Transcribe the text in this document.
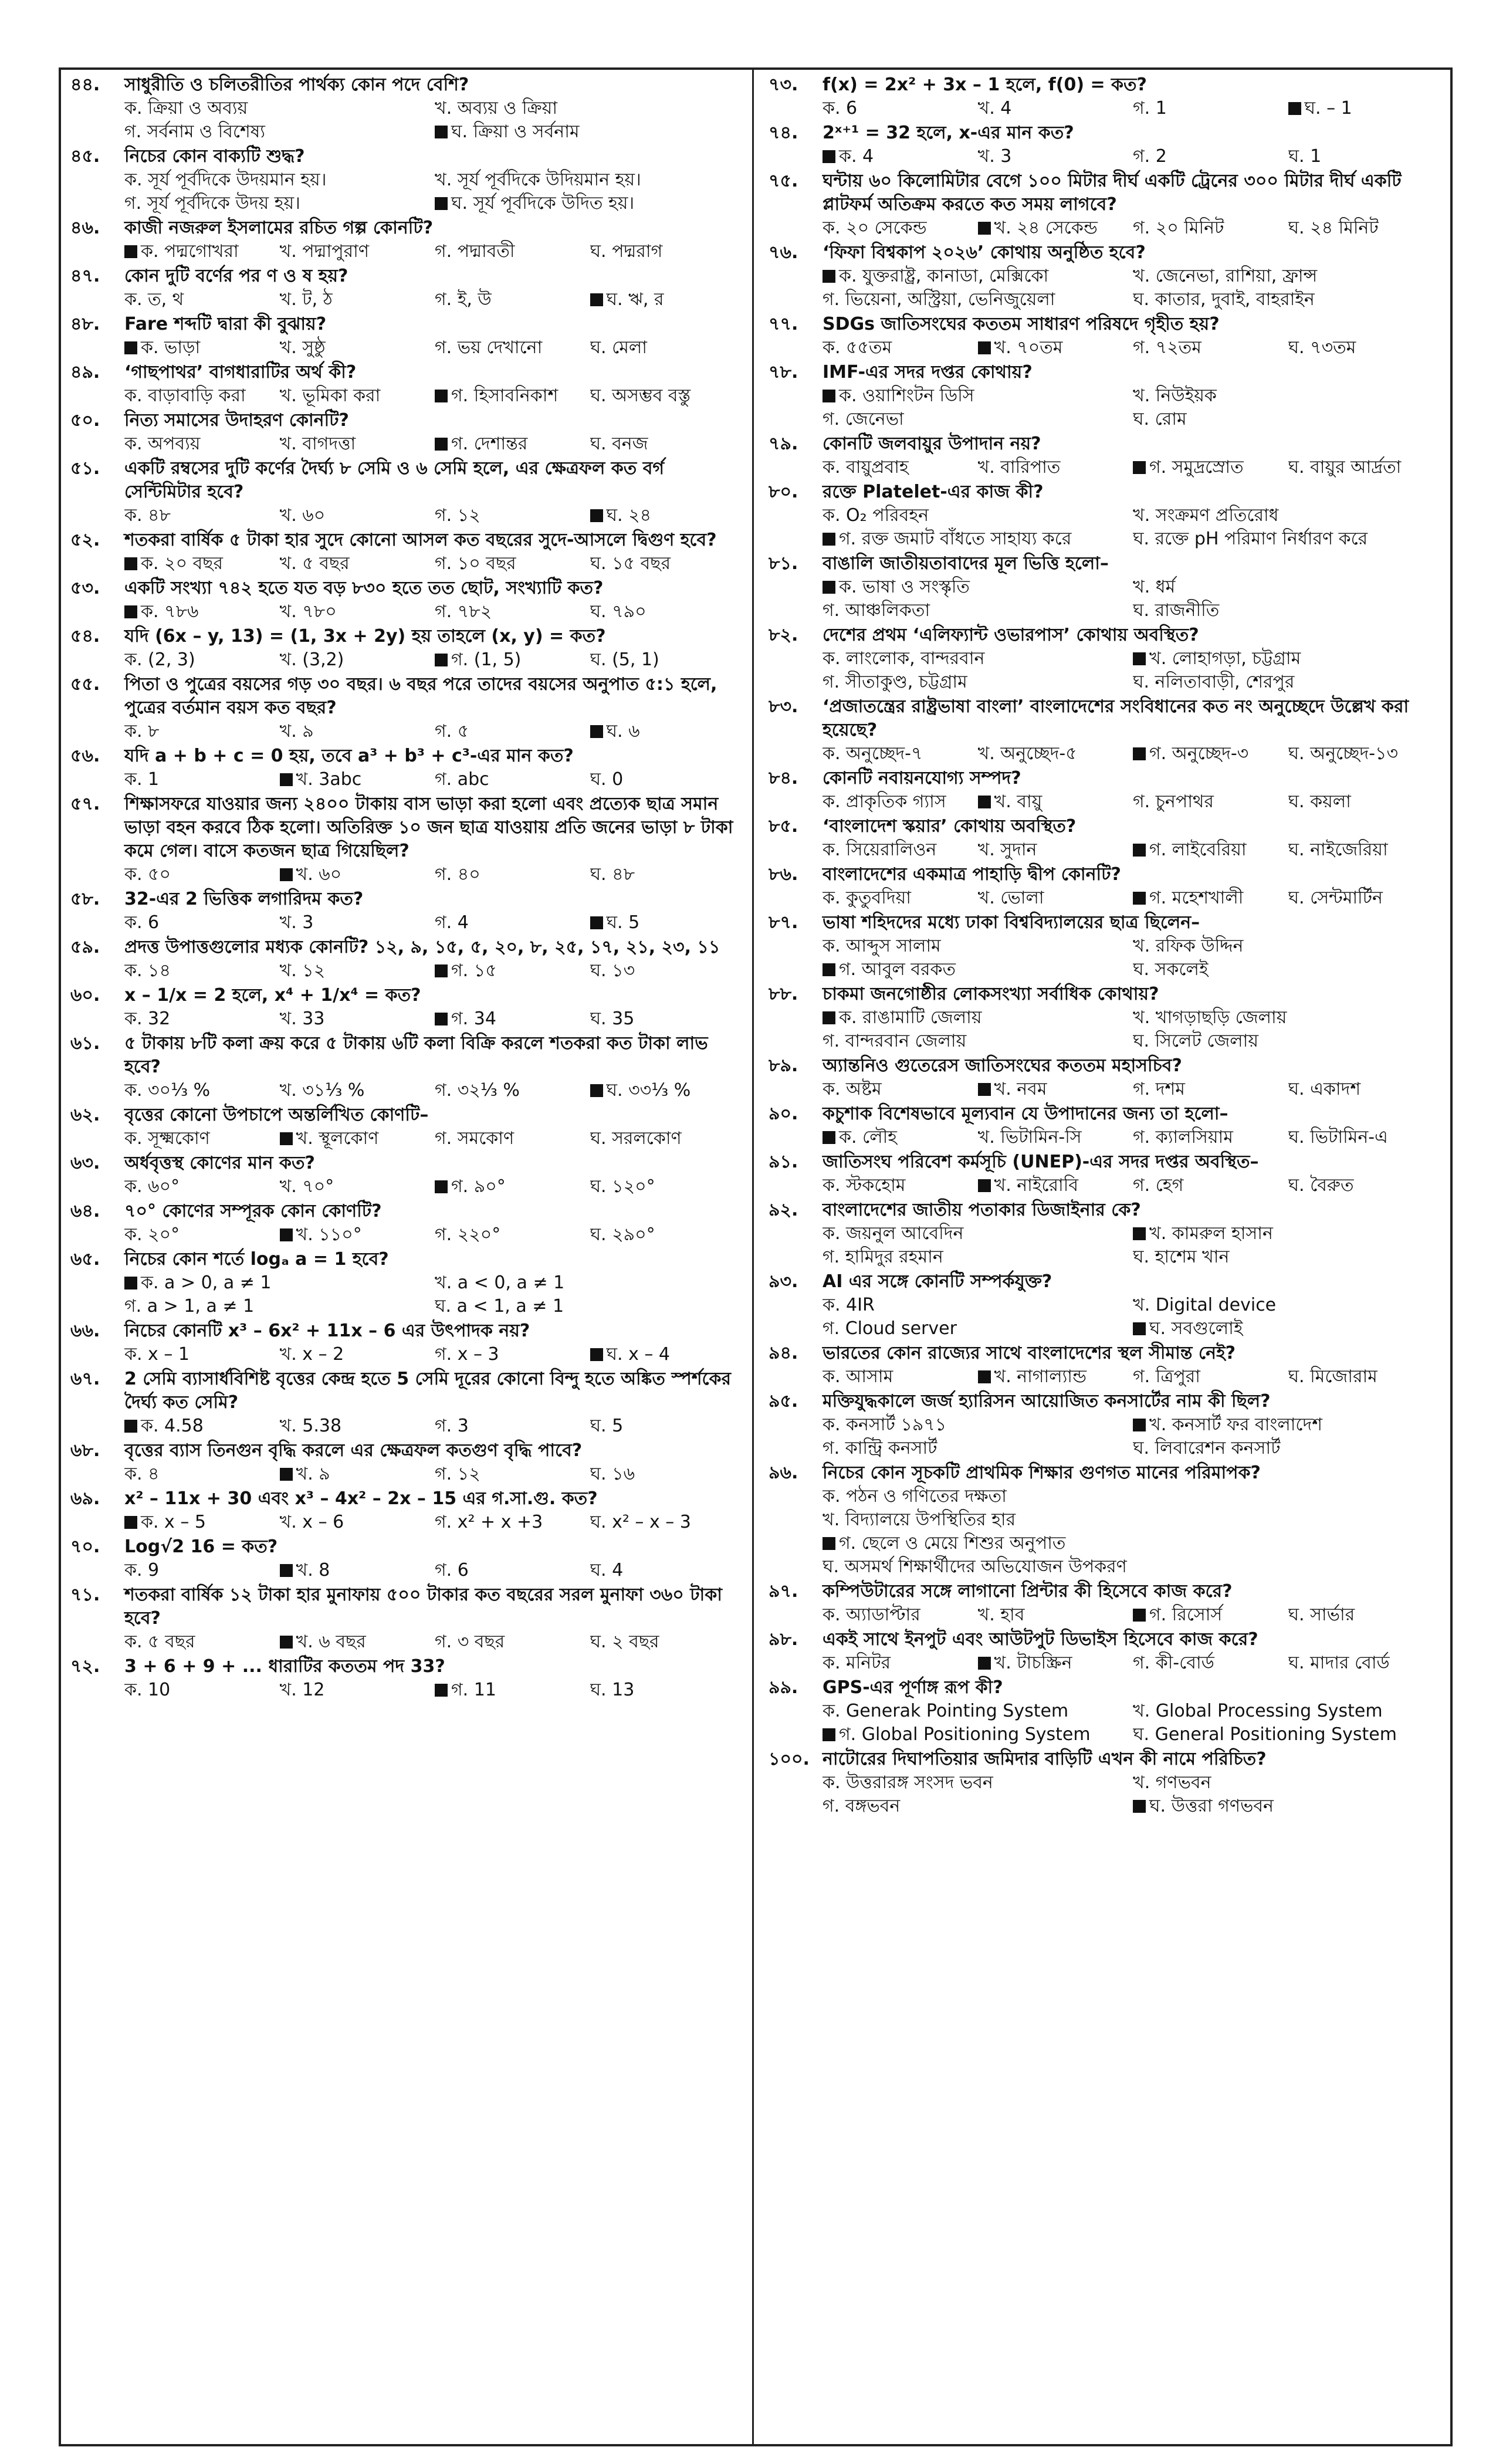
৪৪.	সাধুরীতি ও চলিতরীতির পার্থক্য কোন পদে বেশি?
ক. ক্রিয়া ও অব্যয়	খ. অব্যয় ও ক্রিয়া
গ. সর্বনাম ও বিশেষ্য	ঘ. ক্রিয়া ও সর্বনাম
৪৫.	নিচের কোন বাক্যটি শুদ্ধ?
ক. সূর্য পূর্বদিকে উদয়মান হয়।	খ. সূর্য পূর্বদিকে উদিয়মান হয়।
গ. সূর্য পূর্বদিকে উদয় হয়।	ঘ. সূর্য পূর্বদিকে উদিত হয়।
৪৬.	কাজী নজরুল ইসলামের রচিত গল্প কোনটি?
ক. পদ্মগোখরা	খ. পদ্মাপুরাণ	গ. পদ্মাবতী	ঘ. পদ্মরাগ
৪৭.	কোন দুটি বর্ণের পর ণ ও ষ হয়?
ক. ত, থ	খ. ট, ঠ	গ. ই, উ	ঘ. ঋ, র
৪৮.	Fare শব্দটি দ্বারা কী বুঝায়?
ক. ভাড়া	খ. সুষ্ঠু	গ. ভয় দেখানো	ঘ. মেলা
৪৯.	‘গাছপাথর’ বাগধারাটির অর্থ কী?
ক. বাড়াবাড়ি করা	খ. ভূমিকা করা	গ. হিসাবনিকাশ	ঘ. অসম্ভব বস্তু
৫০.	নিত্য সমাসের উদাহরণ কোনটি?
ক. অপব্যয়	খ. বাগদত্তা	গ. দেশান্তর	ঘ. বনজ
৫১.	একটি রম্বসের দুটি কর্ণের দৈর্ঘ্য ৮ সেমি ও ৬ সেমি হলে, এর ক্ষেত্রফল কত বর্গ সেন্টিমিটার হবে?
ক. ৪৮	খ. ৬০	গ. ১২	ঘ. ২৪
৫২.	শতকরা বার্ষিক ৫ টাকা হার সুদে কোনো আসল কত বছরের সুদে-আসলে দ্বিগুণ হবে?
ক. ২০ বছর	খ. ৫ বছর	গ. ১০ বছর	ঘ. ১৫ বছর
৫৩.	একটি সংখ্যা ৭৪২ হতে যত বড় ৮৩০ হতে তত ছোট, সংখ্যাটি কত?
ক. ৭৮৬	খ. ৭৮০	গ. ৭৮২	ঘ. ৭৯০
৫৪.	যদি (6x – y, 13) = (1, 3x + 2y) হয় তাহলে (x, y) = কত?
ক. (2, 3)	খ. (3,2)	গ. (1, 5)	ঘ. (5, 1)
৫৫.	পিতা ও পুত্রের বয়সের গড় ৩০ বছর। ৬ বছর পরে তাদের বয়সের অনুপাত ৫:১ হলে, পুত্রের বর্তমান বয়স কত বছর?
ক. ৮	খ. ৯	গ. ৫	ঘ. ৬
৫৬.	যদি a + b + c = 0 হয়, তবে a³ + b³ + c³-এর মান কত?
ক. 1	খ. 3abc	গ. abc	ঘ. 0
৫৭.	শিক্ষাসফরে যাওয়ার জন্য ২৪০০ টাকায় বাস ভাড়া করা হলো এবং প্রত্যেক ছাত্র সমান ভাড়া বহন করবে ঠিক হলো। অতিরিক্ত ১০ জন ছাত্র যাওয়ায় প্রতি জনের ভাড়া ৮ টাকা কমে গেল। বাসে কতজন ছাত্র গিয়েছিল?
ক. ৫০	খ. ৬০	গ. ৪০	ঘ. ৪৮
৫৮.	32-এর 2 ভিত্তিক লগারিদম কত?
ক. 6	খ. 3	গ. 4	ঘ. 5
৫৯.	প্রদত্ত উপাত্তগুলোর মধ্যক কোনটি? ১২, ৯, ১৫, ৫, ২০, ৮, ২৫, ১৭, ২১, ২৩, ১১
ক. ১৪	খ. ১২	গ. ১৫	ঘ. ১৩
৬০.	x – 1/x = 2 হলে, x⁴ + 1/x⁴ = কত?
ক. 32	খ. 33	গ. 34	ঘ. 35
৬১.	৫ টাকায় ৮টি কলা ক্রয় করে ৫ টাকায় ৬টি কলা বিক্রি করলে শতকরা কত টাকা লাভ হবে?
ক. ৩০⅓ %	খ. ৩১⅓ %	গ. ৩২⅓ %	ঘ. ৩৩⅓ %
৬২.	বৃত্তের কোনো উপচাপে অন্তর্লিখিত কোণটি–
ক. সূক্ষ্মকোণ	খ. স্থূলকোণ	গ. সমকোণ	ঘ. সরলকোণ
৬৩.	অর্ধবৃত্তস্থ কোণের মান কত?
ক. ৬০°	খ. ৭০°	গ. ৯০°	ঘ. ১২০°
৬৪.	৭০° কোণের সম্পূরক কোন কোণটি?
ক. ২০°	খ. ১১০°	গ. ২২০°	ঘ. ২৯০°
৬৫.	নিচের কোন শর্তে logₐ a = 1 হবে?
ক. a > 0, a ≠ 1	খ. a < 0, a ≠ 1
গ. a > 1, a ≠ 1	ঘ. a < 1, a ≠ 1
৬৬.	নিচের কোনটি x³ – 6x² + 11x – 6 এর উৎপাদক নয়?
ক. x – 1	খ. x – 2	গ. x – 3	ঘ. x – 4
৬৭.	2 সেমি ব্যাসার্ধবিশিষ্ট বৃত্তের কেন্দ্র হতে 5 সেমি দূরের কোনো বিন্দু হতে অঙ্কিত স্পর্শকের দৈর্ঘ্য কত সেমি?
ক. 4.58	খ. 5.38	গ. 3	ঘ. 5
৬৮.	বৃত্তের ব্যাস তিনগুন বৃদ্ধি করলে এর ক্ষেত্রফল কতগুণ বৃদ্ধি পাবে?
ক. ৪	খ. ৯	গ. ১২	ঘ. ১৬
৬৯.	x² – 11x + 30 এবং x³ – 4x² – 2x – 15 এর গ.সা.গু. কত?
ক. x – 5	খ. x – 6	গ. x² + x +3	ঘ. x² – x – 3
৭০.	Log√2 16 = কত?
ক. 9	খ. 8	গ. 6	ঘ. 4
৭১.	শতকরা বার্ষিক ১২ টাকা হার মুনাফায় ৫০০ টাকার কত বছরের সরল মুনাফা ৩৬০ টাকা হবে?
ক. ৫ বছর	খ. ৬ বছর	গ. ৩ বছর	ঘ. ২ বছর
৭২.	3 + 6 + 9 + ... ধারাটির কততম পদ 33?
ক. 10	খ. 12	গ. 11	ঘ. 13
৭৩.	f(x) = 2x² + 3x – 1 হলে, f(0) = কত?
ক. 6	খ. 4	গ. 1	ঘ. – 1
৭৪.	2ˣ⁺¹ = 32 হলে, x-এর মান কত?
ক. 4	খ. 3	গ. 2	ঘ. 1
৭৫.	ঘন্টায় ৬০ কিলোমিটার বেগে ১০০ মিটার দীর্ঘ একটি ট্রেনের ৩০০ মিটার দীর্ঘ একটি প্লাটফর্ম অতিক্রম করতে কত সময় লাগবে?
ক. ২০ সেকেন্ড	খ. ২৪ সেকেন্ড	গ. ২০ মিনিট	ঘ. ২৪ মিনিট
৭৬.	‘ফিফা বিশ্বকাপ ২০২৬’ কোথায় অনুষ্ঠিত হবে?
ক. যুক্তরাষ্ট্র, কানাডা, মেক্সিকো	খ. জেনেভা, রাশিয়া, ফ্রান্স
গ. ভিয়েনা, অস্ট্রিয়া, ভেনিজুয়েলা	ঘ. কাতার, দুবাই, বাহরাইন
৭৭.	SDGs জাতিসংঘের কততম সাধারণ পরিষদে গৃহীত হয়?
ক. ৫৫তম	খ. ৭০তম	গ. ৭২তম	ঘ. ৭৩তম
৭৮.	IMF-এর সদর দপ্তর কোথায়?
ক. ওয়াশিংটন ডিসি	খ. নিউইয়ক
গ. জেনেভা	ঘ. রোম
৭৯.	কোনটি জলবায়ুর উপাদান নয়?
ক. বায়ুপ্রবাহ	খ. বারিপাত	গ. সমুদ্রস্রোত	ঘ. বায়ুর আর্দ্রতা
৮০.	রক্তে Platelet-এর কাজ কী?
ক. O₂ পরিবহন	খ. সংক্রমণ প্রতিরোধ
গ. রক্ত জমাট বাঁধতে সাহায্য করে	ঘ. রক্তে pH পরিমাণ নির্ধারণ করে
৮১.	বাঙালি জাতীয়তাবাদের মূল ভিত্তি হলো–
ক. ভাষা ও সংস্কৃতি	খ. ধর্ম
গ. আঞ্চলিকতা	ঘ. রাজনীতি
৮২.	দেশের প্রথম ‘এলিফ্যান্ট ওভারপাস’ কোথায় অবস্থিত?
ক. লাংলোক, বান্দরবান	খ. লোহাগড়া, চট্টগ্রাম
গ. সীতাকুণ্ড, চট্টগ্রাম	ঘ. নলিতাবাড়ী, শেরপুর
৮৩.	‘প্রজাতন্ত্রের রাষ্ট্রভাষা বাংলা’ বাংলাদেশের সংবিধানের কত নং অনুচ্ছেদে উল্লেখ করা হয়েছে?
ক. অনুচ্ছেদ-৭	খ. অনুচ্ছেদ-৫	গ. অনুচ্ছেদ-৩	ঘ. অনুচ্ছেদ-১৩
৮৪.	কোনটি নবায়নযোগ্য সম্পদ?
ক. প্রাকৃতিক গ্যাস	খ. বায়ু	গ. চুনপাথর	ঘ. কয়লা
৮৫.	‘বাংলাদেশ স্কয়ার’ কোথায় অবস্থিত?
ক. সিয়েরালিওন	খ. সুদান	গ. লাইবেরিয়া	ঘ. নাইজেরিয়া
৮৬.	বাংলাদেশের একমাত্র পাহাড়ি দ্বীপ কোনটি?
ক. কুতুবদিয়া	খ. ভোলা	গ. মহেশখালী	ঘ. সেন্টমার্টিন
৮৭.	ভাষা শহিদদের মধ্যে ঢাকা বিশ্ববিদ্যালয়ের ছাত্র ছিলেন–
ক. আব্দুস সালাম	খ. রফিক উদ্দিন
গ. আবুল বরকত	ঘ. সকলেই
৮৮.	চাকমা জনগোষ্ঠীর লোকসংখ্যা সর্বাধিক কোথায়?
ক. রাঙামাটি জেলায়	খ. খাগড়াছড়ি জেলায়
গ. বান্দরবান জেলায়	ঘ. সিলেট জেলায়
৮৯.	অ্যান্তনিও গুতেরেস জাতিসংঘের কততম মহাসচিব?
ক. অষ্টম	খ. নবম	গ. দশম	ঘ. একাদশ
৯০.	কচুশাক বিশেষভাবে মূল্যবান যে উপাদানের জন্য তা হলো–
ক. লৌহ	খ. ভিটামিন-সি	গ. ক্যালসিয়াম	ঘ. ভিটামিন-এ
৯১.	জাতিসংঘ পরিবেশ কর্মসূচি (UNEP)-এর সদর দপ্তর অবস্থিত–
ক. স্টকহোম	খ. নাইরোবি	গ. হেগ	ঘ. বৈরুত
৯২.	বাংলাদেশের জাতীয় পতাকার ডিজাইনার কে?
ক. জয়নুল আবেদিন	খ. কামরুল হাসান
গ. হামিদুর রহমান	ঘ. হাশেম খান
৯৩.	AI এর সঙ্গে কোনটি সম্পর্কযুক্ত?
ক. 4IR	খ. Digital device
গ. Cloud server	ঘ. সবগুলোই
৯৪.	ভারতের কোন রাজ্যের সাথে বাংলাদেশের স্থল সীমান্ত নেই?
ক. আসাম	খ. নাগাল্যান্ড	গ. ত্রিপুরা	ঘ. মিজোরাম
৯৫.	মক্তিযুদ্ধকালে জর্জ হ্যারিসন আয়োজিত কনসার্টের নাম কী ছিল?
ক. কনসার্ট ১৯৭১	খ. কনসার্ট ফর বাংলাদেশ
গ. কান্ট্রি কনসার্ট	ঘ. লিবারেশন কনসার্ট
৯৬.	নিচের কোন সূচকটি প্রাথমিক শিক্ষার গুণগত মানের পরিমাপক?
ক. পঠন ও গণিতের দক্ষতা
খ. বিদ্যালয়ে উপস্থিতির হার
গ. ছেলে ও মেয়ে শিশুর অনুপাত
ঘ. অসমর্থ শিক্ষার্থীদের অভিযোজন উপকরণ
৯৭.	কম্পিউটারের সঙ্গে লাগানো প্রিন্টার কী হিসেবে কাজ করে?
ক. অ্যাডাপ্টার	খ. হাব	গ. রিসোর্স	ঘ. সার্ভার
৯৮.	একই সাথে ইনপুট এবং আউটপুট ডিভাইস হিসেবে কাজ করে?
ক. মনিটর	খ. টাচস্ক্রিন	গ. কী-বোর্ড	ঘ. মাদার বোর্ড
৯৯.	GPS-এর পূর্ণাঙ্গ রূপ কী?
ক. Generak Pointing System	খ. Global Processing System
গ. Global Positioning System	ঘ. General Positioning System
১০০. নাটোরের দিঘাপতিয়ার জমিদার বাড়িটি এখন কী নামে পরিচিত?
ক. উত্তরারঙ্গ সংসদ ভবন	খ. গণভবন
গ. বঙ্গভবন	ঘ. উত্তরা গণভবন
